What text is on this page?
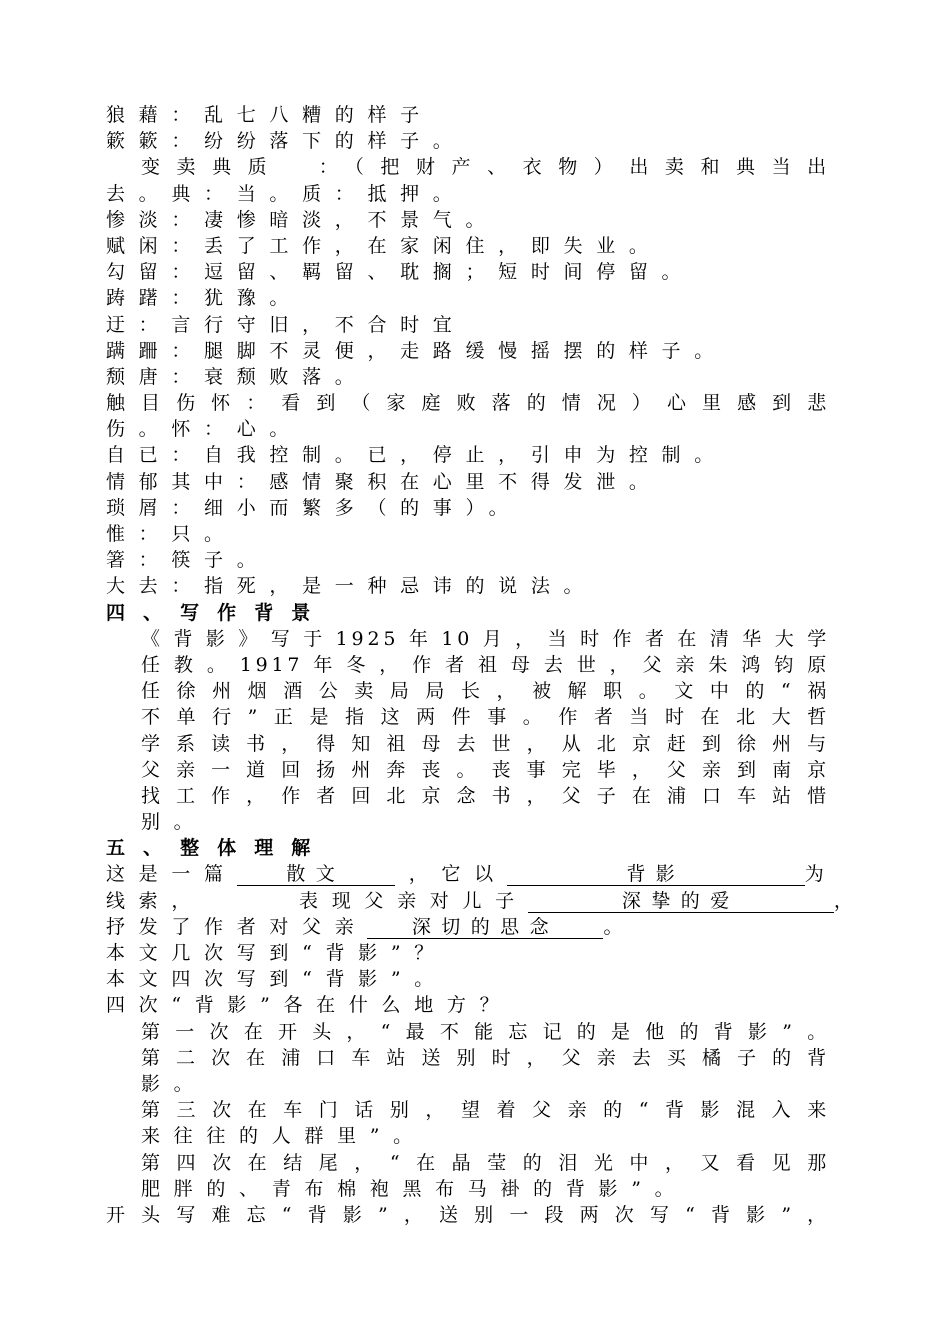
狼藉：乱七八糟的样子
簌簌：纷纷落下的样子。
变卖典质　：（把财产、衣物）出卖和典当出
去。典：当。质：抵押。
惨淡：凄惨暗淡，不景气。
赋闲：丢了工作，在家闲住，即失业。
勾留：逗留、羁留、耽搁；短时间停留。
踌躇：犹豫。
迂：言行守旧，不合时宜
蹒跚：腿脚不灵便，走路缓慢摇摆的样子。
颓唐：衰颓败落。
触目伤怀：看到（家庭败落的情况）心里感到悲
伤。怀：心。
自已：自我控制。已，停止，引申为控制。
情郁其中：感情聚积在心里不得发泄。
琐屑：细小而繁多（的事）。
惟：只。
箸：筷子。
大去：指死，是一种忌讳的说法。
四、写作背景
《背影》写于1925年10月，当时作者在清华大学
任教。1917年冬，作者祖母去世，父亲朱鸿钧原
任徐州烟酒公卖局局长，被解职。文中的“祸
不单行”正是指这两件事。作者当时在北大哲
学系读书，得知祖母去世，从北京赶到徐州与
父亲一道回扬州奔丧。丧事完毕，父亲到南京
找工作，作者回北京念书，父子在浦口车站惜
别。
五、整体理解
这是一篇	散文	，它以	背影	为
线索，	表现父亲对儿子	深挚的爱	，
抒发了作者对父亲 深切的思念 。
本文几次写到“背影”？
本文四次写到“背影”。
四次“背影”各在什么地方？
第一次在开头，“最不能忘记的是他的背影”。
第二次在浦口车站送别时，父亲去买橘子的背
影。
第三次在车门话别，望着父亲的“背影混入来
来往往的人群里”。
第四次在结尾，“在晶莹的泪光中，又看见那
肥胖的、青布棉袍黑布马褂的背影”。
开头写难忘“背影”，送别一段两次写“背影”，
